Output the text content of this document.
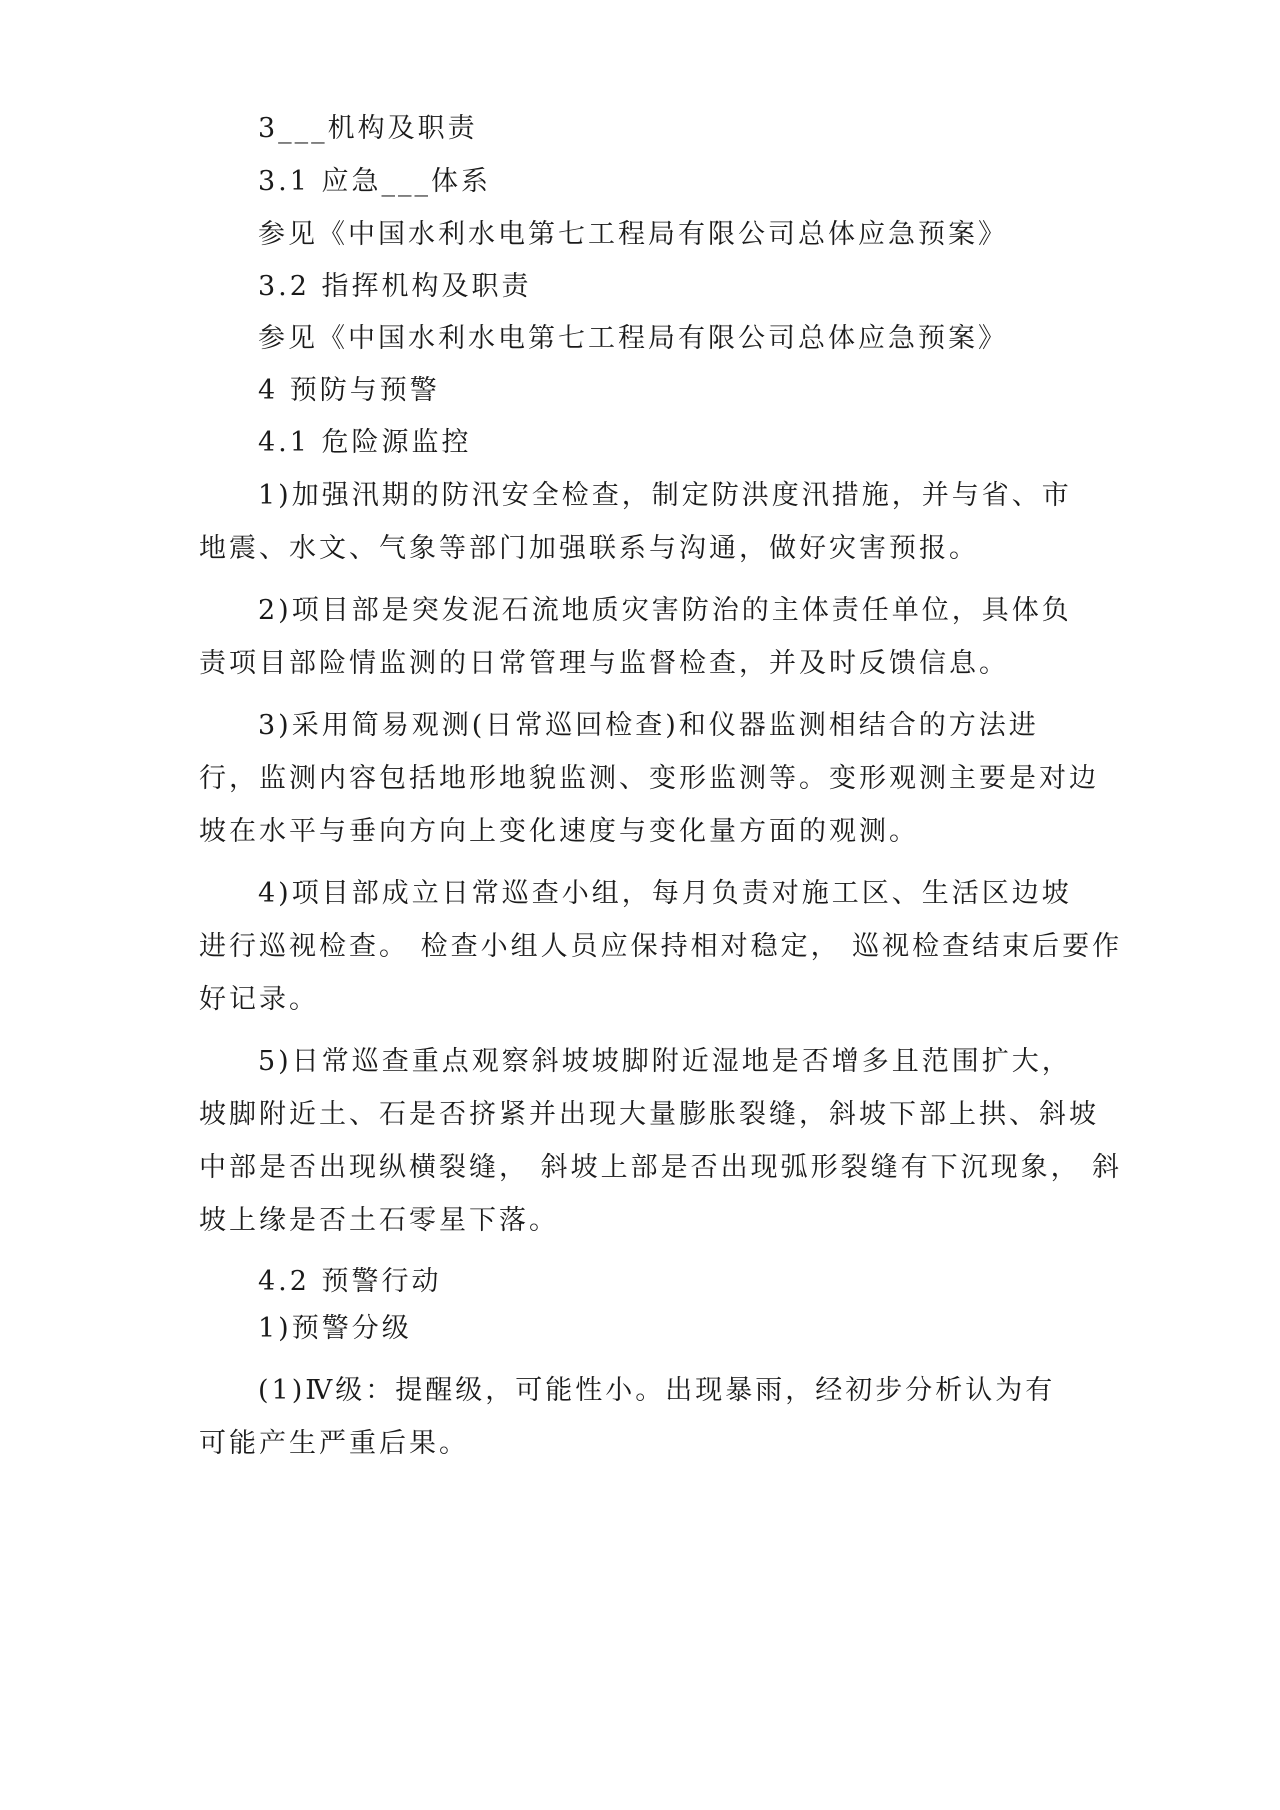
3___机构及职责

3.1 应急___体系

参见《中国水利水电第七工程局有限公司总体应急预案》

3.2 指挥机构及职责

参见《中国水利水电第七工程局有限公司总体应急预案》

4 预防与预警

4.1 危险源监控

1)加强汛期的防汛安全检查，制定防洪度汛措施，并与省、市

地震、水文、气象等部门加强联系与沟通，做好灾害预报。

2)项目部是突发泥石流地质灾害防治的主体责任单位，具体负

责项目部险情监测的日常管理与监督检查，并及时反馈信息。

3)采用简易观测(日常巡回检查)和仪器监测相结合的方法进

行，监测内容包括地形地貌监测、变形监测等。变形观测主要是对边

坡在水平与垂向方向上变化速度与变化量方面的观测。

4)项目部成立日常巡查小组，每月负责对施工区、生活区边坡

进行巡视检查。 检查小组人员应保持相对稳定， 巡视检查结束后要作

好记录。

5)日常巡查重点观察斜坡坡脚附近湿地是否增多且范围扩大，

坡脚附近土、石是否挤紧并出现大量膨胀裂缝，斜坡下部上拱、斜坡

中部是否出现纵横裂缝， 斜坡上部是否出现弧形裂缝有下沉现象， 斜

坡上缘是否土石零星下落。

4.2 预警行动

1)预警分级

(1)Ⅳ级：提醒级，可能性小。出现暴雨，经初步分析认为有

可能产生严重后果。
